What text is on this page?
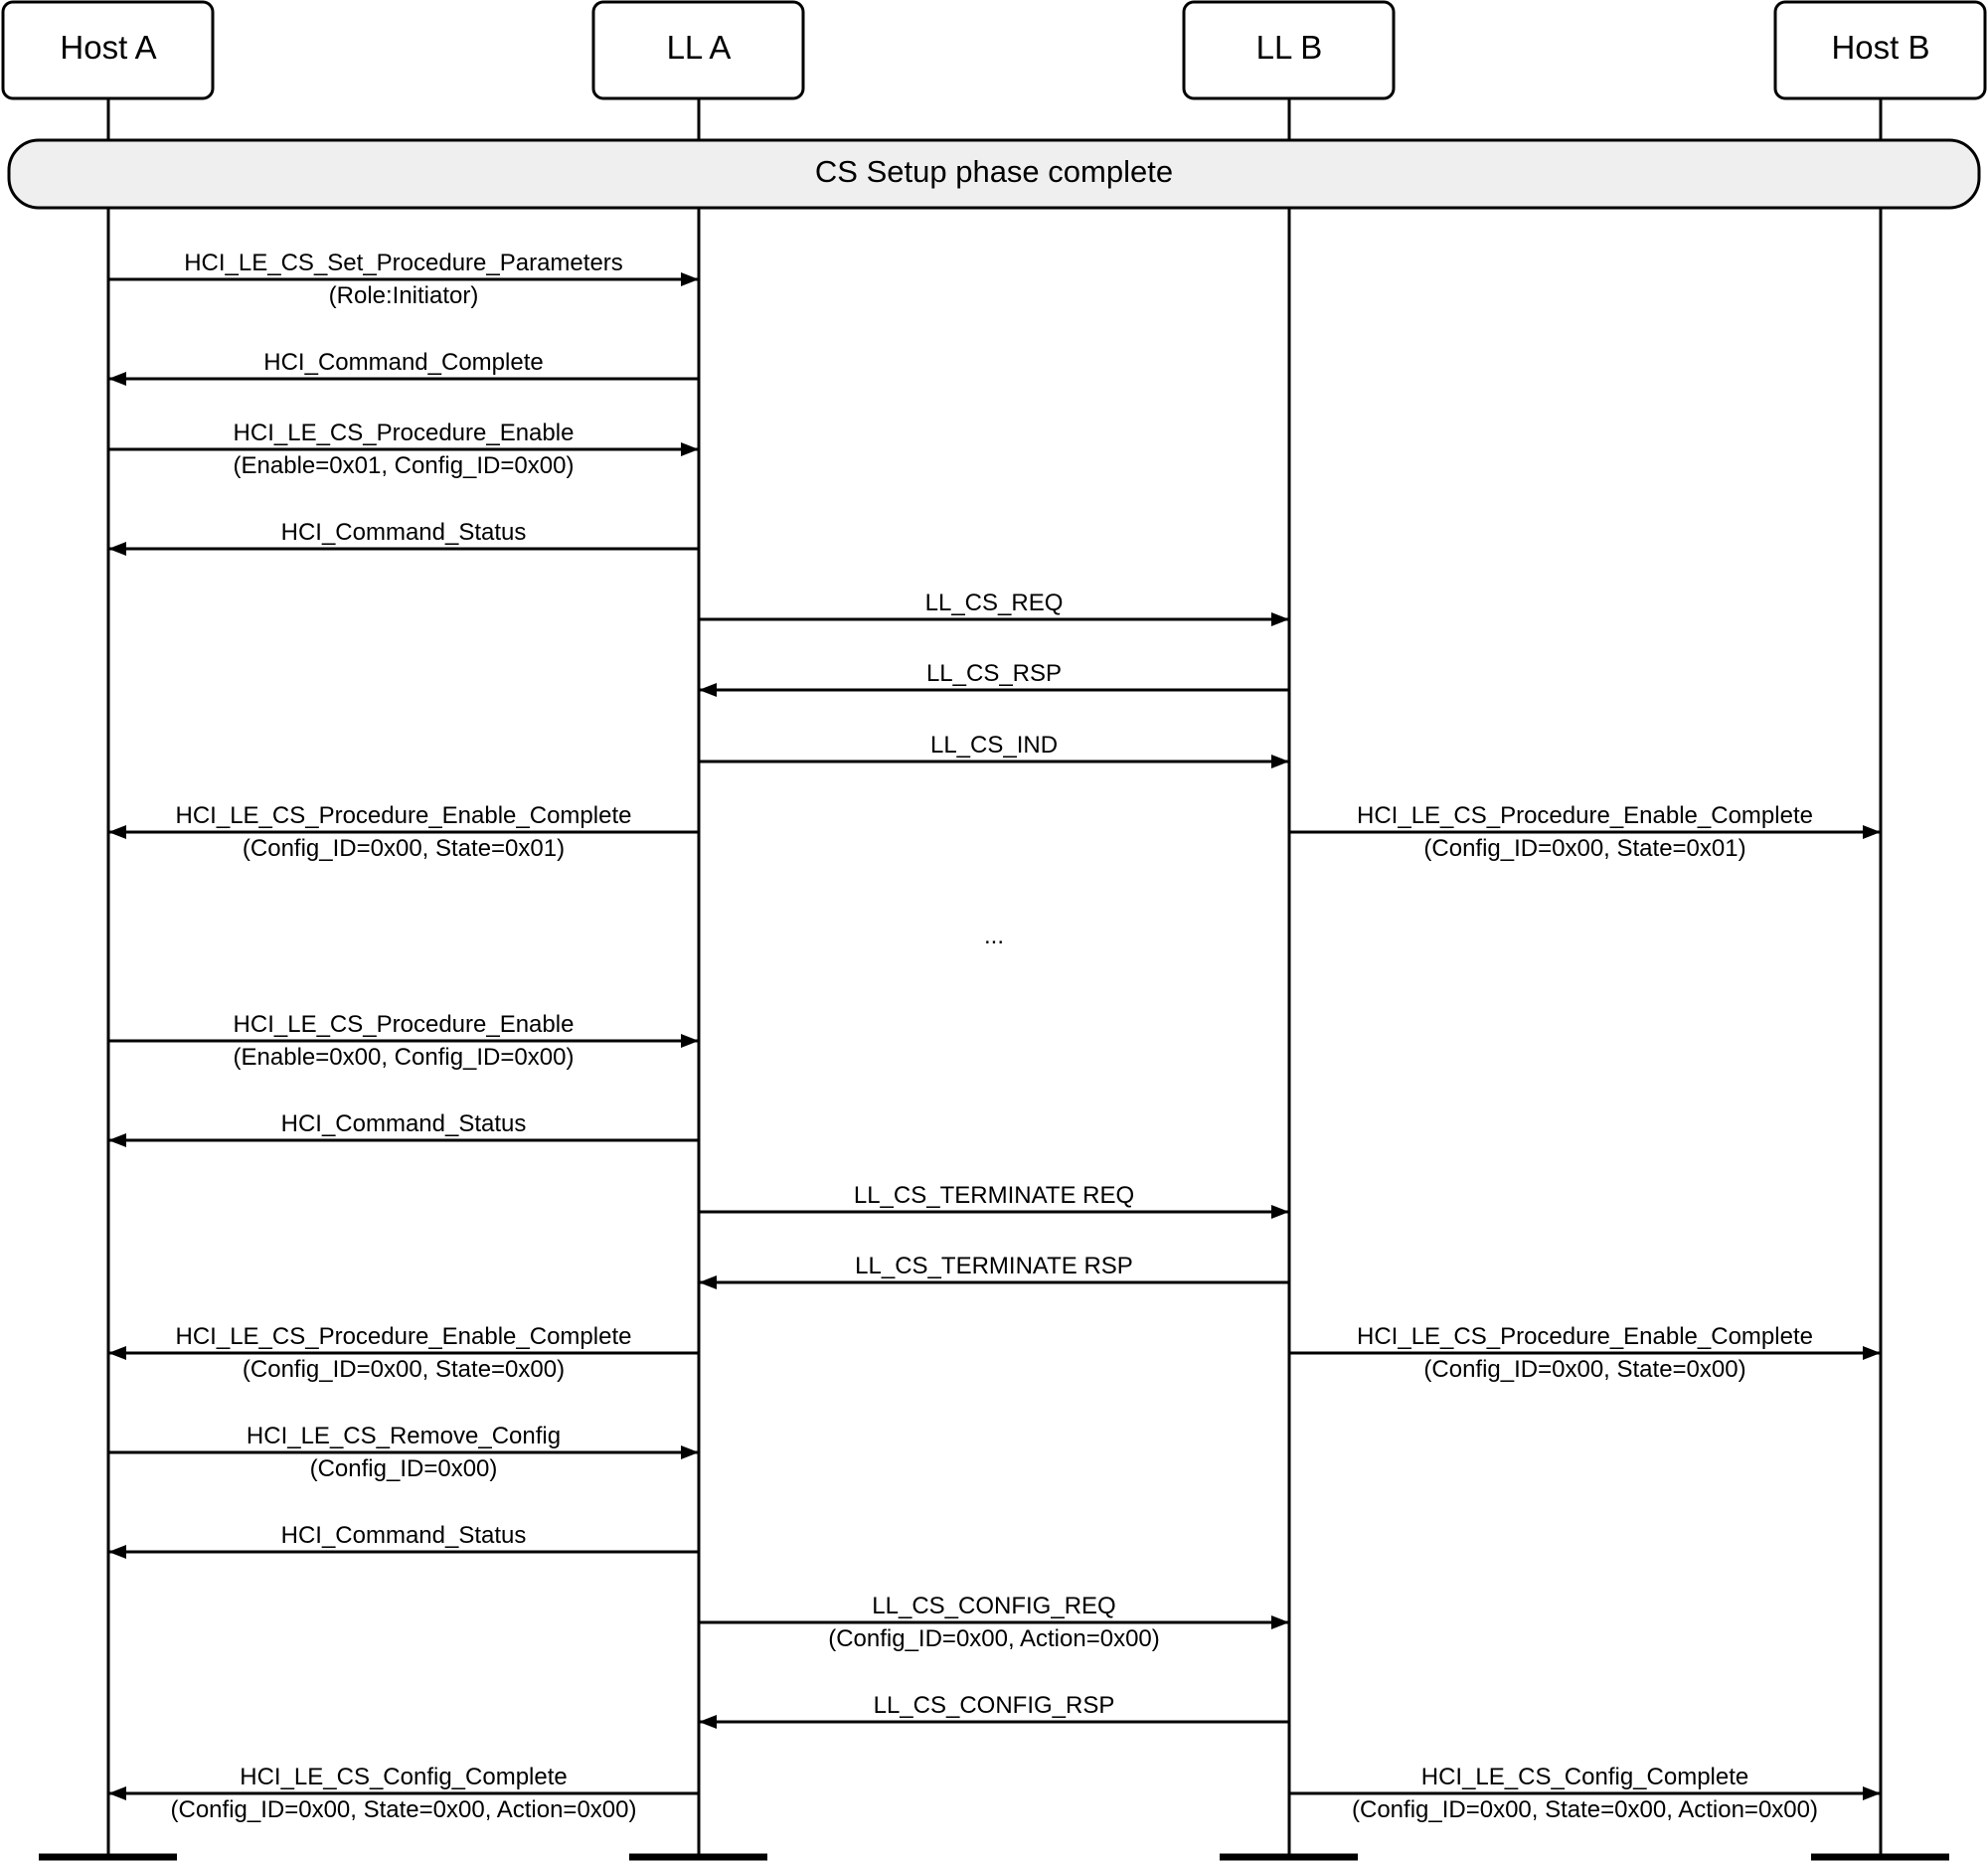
Host A	LL A	LL B	Host B
CS Setup phase complete
HCI_LE_CS_Set_Procedure_Parameters
(Role:Initiator)
HCI_Command_Complete
HCI_LE_CS_Procedure_Enable
(Enable=0x01, Config_ID=0x00)
HCI_Command_Status
LL_CS_REQ
LL_CS_RSP
LL_CS_IND
HCI_LE_CS_Procedure_Enable_Complete
(Config_ID=0x00, State=0x01)
HCI_LE_CS_Procedure_Enable_Complete
(Config_ID=0x00, State=0x01)
HCI_LE_CS_Procedure_Enable
(Enable=0x00, Config_ID=0x00)
HCI_Command_Status
LL_CS_TERMINATE REQ
LL_CS_TERMINATE RSP
HCI_LE_CS_Procedure_Enable_Complete
(Config_ID=0x00, State=0x00)
HCI_LE_CS_Procedure_Enable_Complete
(Config_ID=0x00, State=0x00)
HCI_LE_CS_Remove_Config
(Config_ID=0x00)
HCI_Command_Status
LL_CS_CONFIG_REQ
(Config_ID=0x00, Action=0x00)
LL_CS_CONFIG_RSP
HCI_LE_CS_Config_Complete
(Config_ID=0x00, State=0x00, Action=0x00)
HCI_LE_CS_Config_Complete
(Config_ID=0x00, State=0x00, Action=0x00)
...
